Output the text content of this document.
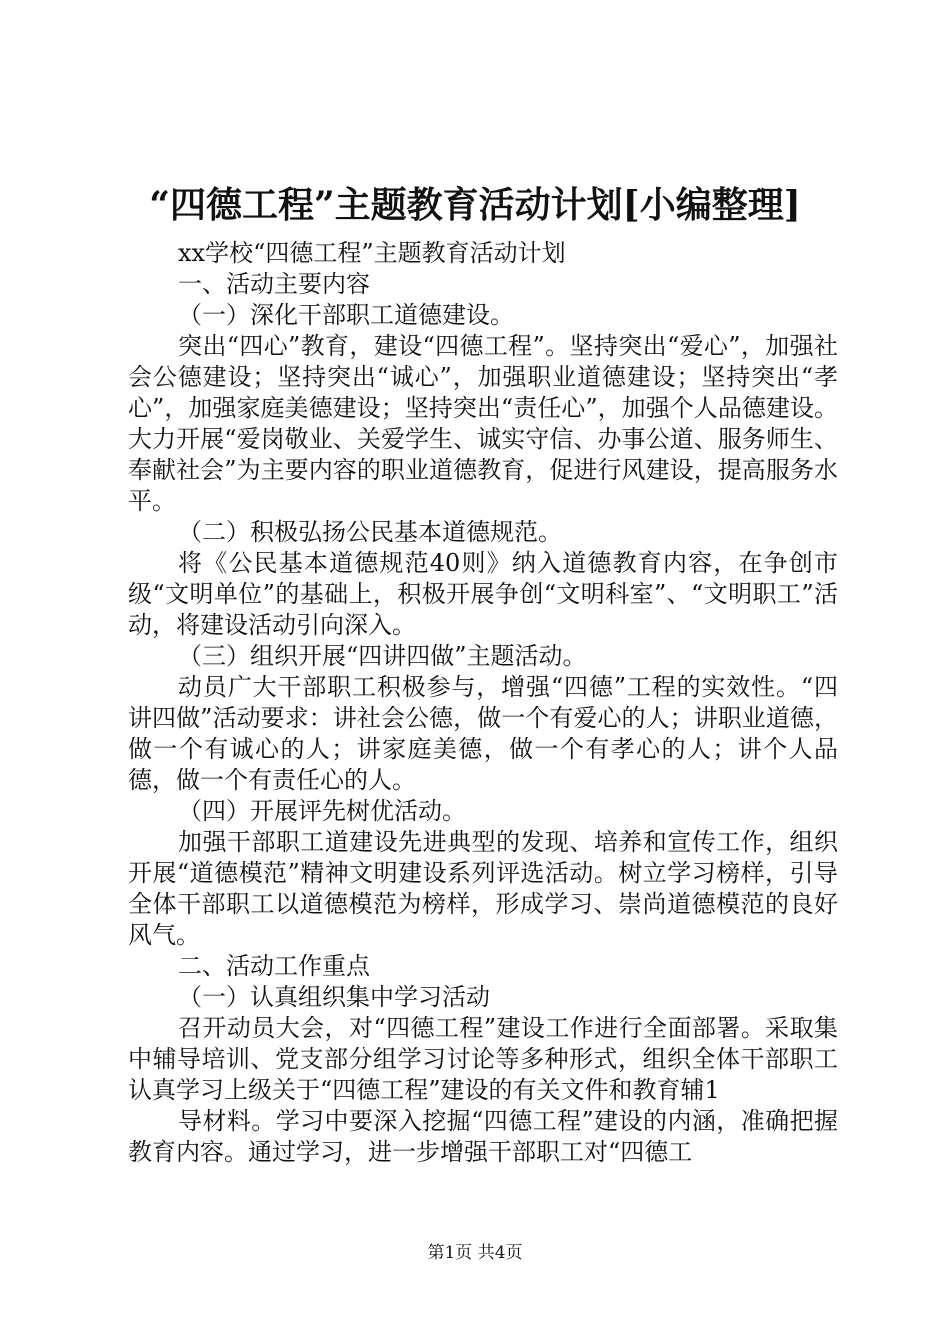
“四德工程”主题教育活动计划[小编整理]

xx学校“四德工程”主题教育活动计划

一、活动主要内容

（一）深化干部职工道德建设。

突出“四心”教育，建设“四德工程”。坚持突出“爱心”，加强社会公德建设；坚持突出“诚心”，加强职业道德建设；坚持突出“孝心”，加强家庭美德建设；坚持突出“责任心”，加强个人品德建设。大力开展“爱岗敬业、关爱学生、诚实守信、办事公道、服务师生、奉献社会”为主要内容的职业道德教育，促进行风建设，提高服务水平。

（二）积极弘扬公民基本道德规范。

将《公民基本道德规范40则》纳入道德教育内容，在争创市级“文明单位”的基础上，积极开展争创“文明科室”、“文明职工”活动，将建设活动引向深入。

（三）组织开展“四讲四做”主题活动。

动员广大干部职工积极参与，增强“四德”工程的实效性。“四讲四做”活动要求：讲社会公德，做一个有爱心的人；讲职业道德，做一个有诚心的人；讲家庭美德，做一个有孝心的人；讲个人品德，做一个有责任心的人。

（四）开展评先树优活动。

加强干部职工道建设先进典型的发现、培养和宣传工作，组织开展“道德模范”精神文明建设系列评选活动。树立学习榜样，引导全体干部职工以道德模范为榜样，形成学习、崇尚道德模范的良好风气。

二、活动工作重点

（一）认真组织集中学习活动

召开动员大会，对“四德工程”建设工作进行全面部署。采取集中辅导培训、党支部分组学习讨论等多种形式，组织全体干部职工认真学习上级关于“四德工程”建设的有关文件和教育辅1

导材料。学习中要深入挖掘“四德工程”建设的内涵，准确把握教育内容。通过学习，进一步增强干部职工对“四德工

第1页 共4页
